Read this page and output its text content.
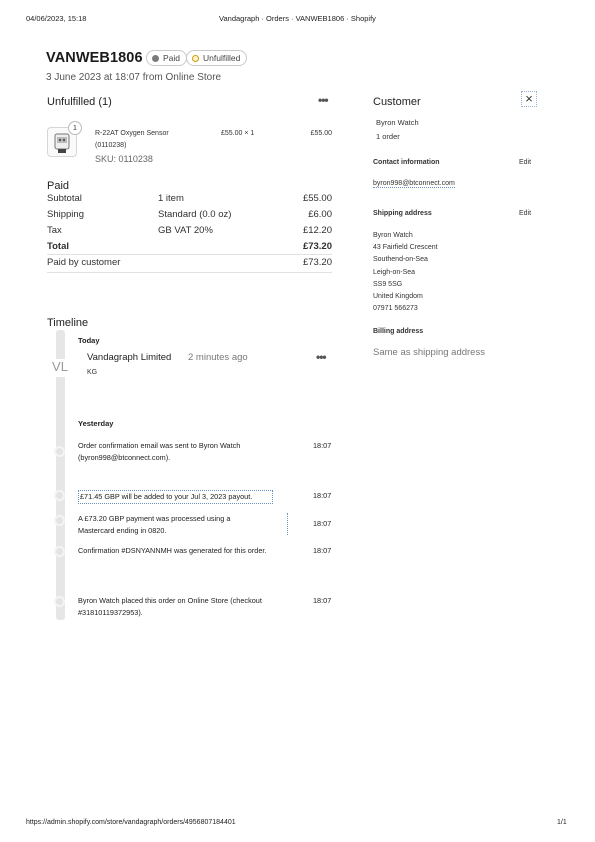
04/06/2023, 15:18	Vandagraph · Orders · VANWEB1806 · Shopify
VANWEB1806 Paid	Unfulfilled
3 June 2023 at 18:07 from Online Store
Unfulfilled (1)	•••
1
R-22AT Oxygen Sensor
(0110238)
SKU: 0110238
£55.00 × 1	£55.00
Paid
Subtotal	1 item	£55.00
Shipping	Standard (0.0 oz)	£6.00
Tax	GB VAT 20%	£12.20
Total	£73.20
Paid by customer	£73.20
Timeline
Today
VL
Vandagraph Limited 2 minutes ago
KG
•••
Yesterday
Order confirmation email was sent to Byron Watch
(byron998@btconnect.com).
18:07
£71.45 GBP will be added to your Jul 3, 2023 payout.	18:07
A £73.20 GBP payment was processed using a
Mastercard ending in 0820.
18:07
Confirmation #DSNYANNMH was generated for this order.	18:07
Byron Watch placed this order on Online Store (checkout
#31810119372953).
18:07
Customer	×
Byron Watch
1 order
Contact information	Edit
byron998@btconnect.com
Shipping address	Edit
Byron Watch
43 Fairfield Crescent
Southend-on-Sea
Leigh-on-Sea
SS9 5SG
United Kingdom
07971 566273
Billing address
Same as shipping address
https://admin.shopify.com/store/vandagraph/orders/4956807184401	1/1
